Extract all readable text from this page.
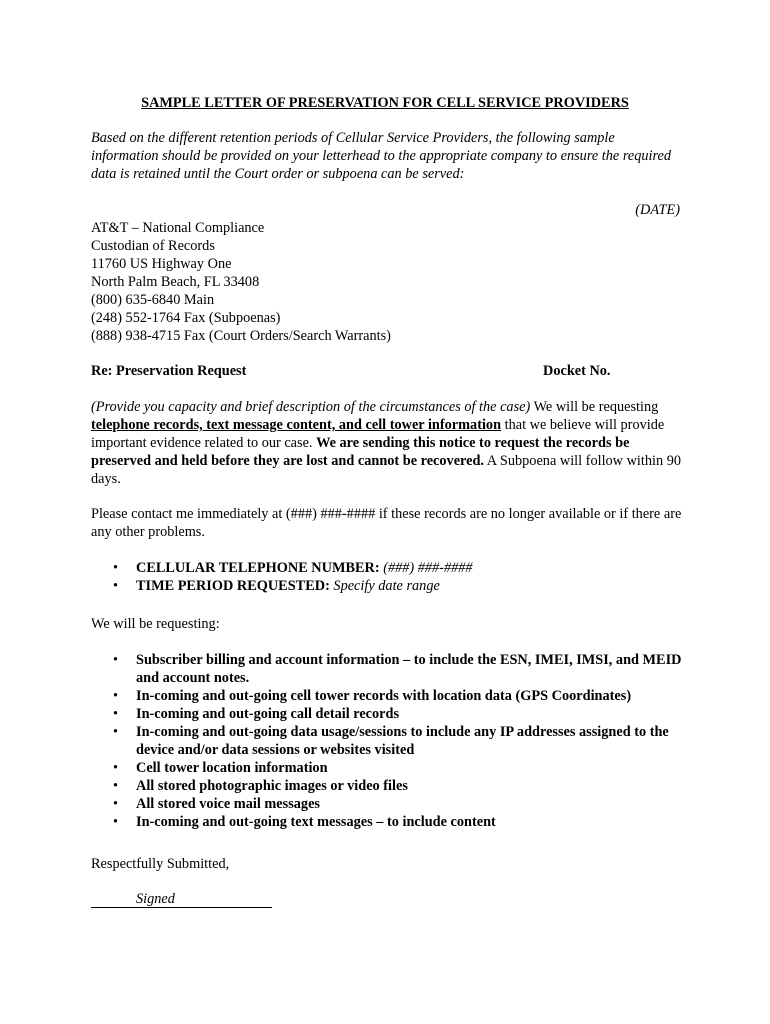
SAMPLE LETTER OF PRESERVATION FOR CELL SERVICE PROVIDERS
Based on the different retention periods of Cellular Service Providers, the following sample information should be provided on your letterhead to the appropriate company to ensure the required data is retained until the Court order or subpoena can be served:
(DATE)
AT&T – National Compliance
Custodian of Records
11760 US Highway One
North Palm Beach, FL 33408
(800) 635-6840 Main
(248) 552-1764 Fax (Subpoenas)
(888) 938-4715 Fax (Court Orders/Search Warrants)
Re: Preservation Request	Docket No.
(Provide you capacity and brief description of the circumstances of the case) We will be requesting telephone records, text message content, and cell tower information that we believe will provide important evidence related to our case. We are sending this notice to request the records be preserved and held before they are lost and cannot be recovered. A Subpoena will follow within 90 days.
Please contact me immediately at (###) ###-#### if these records are no longer available or if there are any other problems.
• CELLULAR TELEPHONE NUMBER: (###) ###-####
• TIME PERIOD REQUESTED: Specify date range
We will be requesting:
• Subscriber billing and account information – to include the ESN, IMEI, IMSI, and MEID and account notes.
• In-coming and out-going cell tower records with location data (GPS Coordinates)
• In-coming and out-going call detail records
• In-coming and out-going data usage/sessions to include any IP addresses assigned to the device and/or data sessions or websites visited
• Cell tower location information
• All stored photographic images or video files
• All stored voice mail messages
• In-coming and out-going text messages – to include content
Respectfully Submitted,
Signed
